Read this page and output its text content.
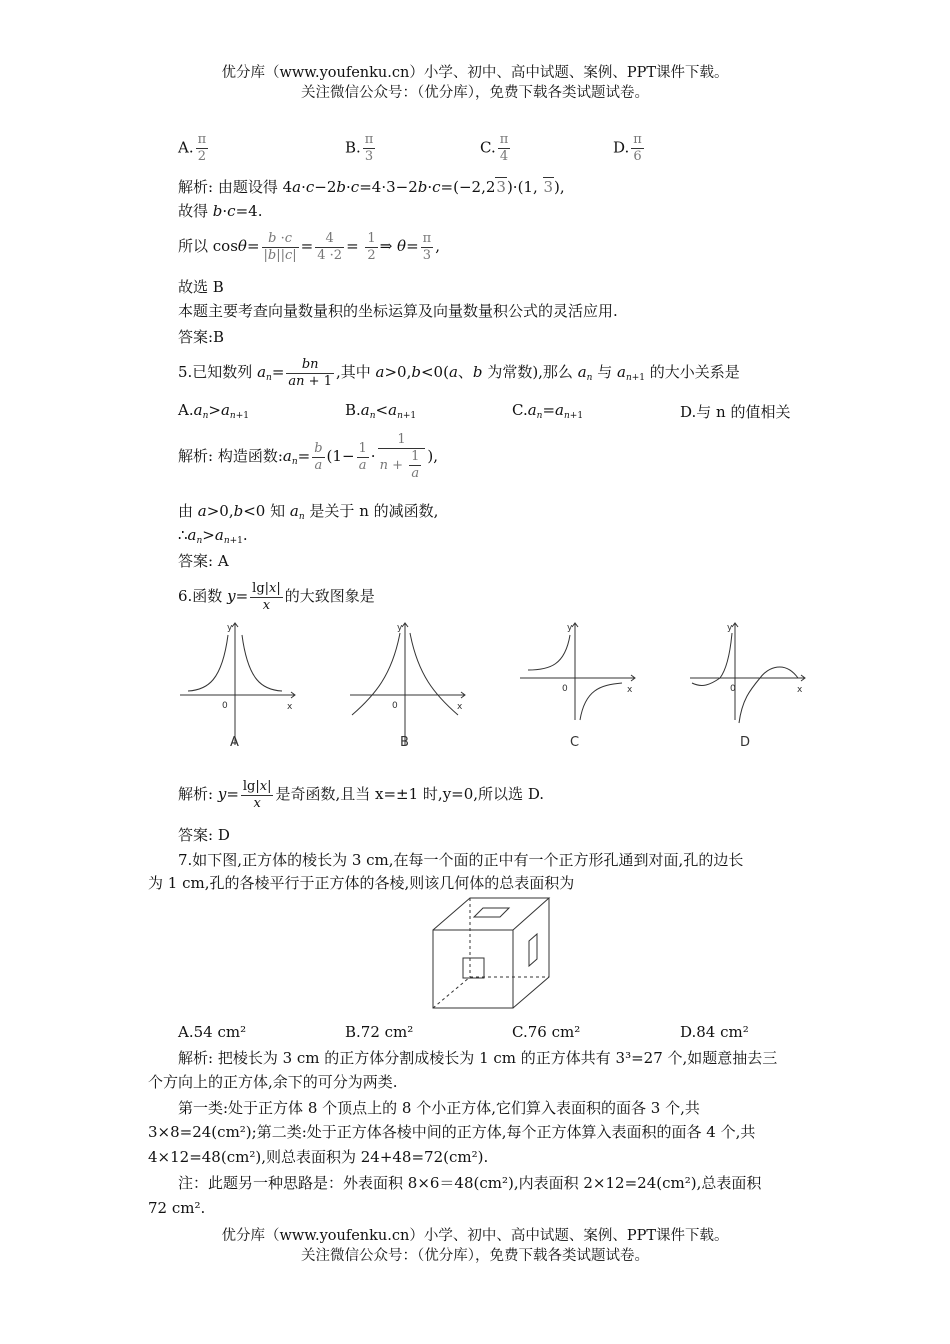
优分库（www.youfenku.cn）小学、初中、高中试题、案例、PPT课件下载。
关注微信公众号：（优分库），免费下载各类试题试卷。
A. $\frac{\pi}{2}$	B. $\frac{\pi}{3}$	C. $\frac{\pi}{4}$	D. $\frac{\pi}{6}$
解析: 由题设得 4a·c−2b·c=4·3−2b·c=(−2,23)·(1, 3),
故得 b·c=4.
所以 $\cos\theta= \frac{b \cdot c}{|b||c|} = \frac{4}{4 \cdot 2} = \frac{1}{2}$ ⇒ $\theta= \frac{\pi}{3}$ ,
故选 B
本题主要考查向量数量积的坐标运算及向量数量积公式的灵活应用.
答案:B
5.已知数列 $a_n= \frac{bn}{an + 1}$ ,其中 a>0,b<0(a、b 为常数),那么 $a_n$ 与 $a_{n+1}$ 的大小关系是
$A.a_n>a_{n+1}$	$B.a_n<a_{n+1}$	$C.a_n=a_{n+1}$	D.与 n 的值相关
解析: 构造函数$:a_n= \frac{b}{a} (1- \frac{1}{a} \cdot \frac{1}{n + \frac{1}{a}}$ ),
由 a>0,b<0 知 $a_n$ 是关于 n 的减函数,
$\therefore a_n>a_{n+1}$.
答案: A
6.函数 $y= \frac{\lg|x|}{x}$ 的大致图象是
y
x
0
y
x
0
y
x
0
y
x
0
A	B	C	D
解析: $y= \frac{\lg|x|}{x}$ 是奇函数,且当 x=±1 时,y=0,所以选 D.
答案: D
7.如下图,正方体的棱长为 3 cm,在每一个面的正中有一个正方形孔通到对面,孔的边长
为 1 cm,孔的各棱平行于正方体的各棱,则该几何体的总表面积为
A.54 cm²	B.72 cm²	C.76 cm²	D.84 cm²
解析: 把棱长为 3 cm 的正方体分割成棱长为 1 cm 的正方体共有 3³=27 个,如题意抽去三
个方向上的正方体,余下的可分为两类.
第一类:处于正方体 8 个顶点上的 8 个小正方体,它们算入表面积的面各 3 个,共
3×8=24(cm²);第二类:处于正方体各棱中间的正方体,每个正方体算入表面积的面各 4 个,共
4×12=48(cm²),则总表面积为 24+48=72(cm²).
注：此题另一种思路是：外表面积 8×6＝48(cm²),内表面积 2×12=24(cm²),总表面积
72 cm².
优分库（www.youfenku.cn）小学、初中、高中试题、案例、PPT课件下载。
关注微信公众号：（优分库），免费下载各类试题试卷。
